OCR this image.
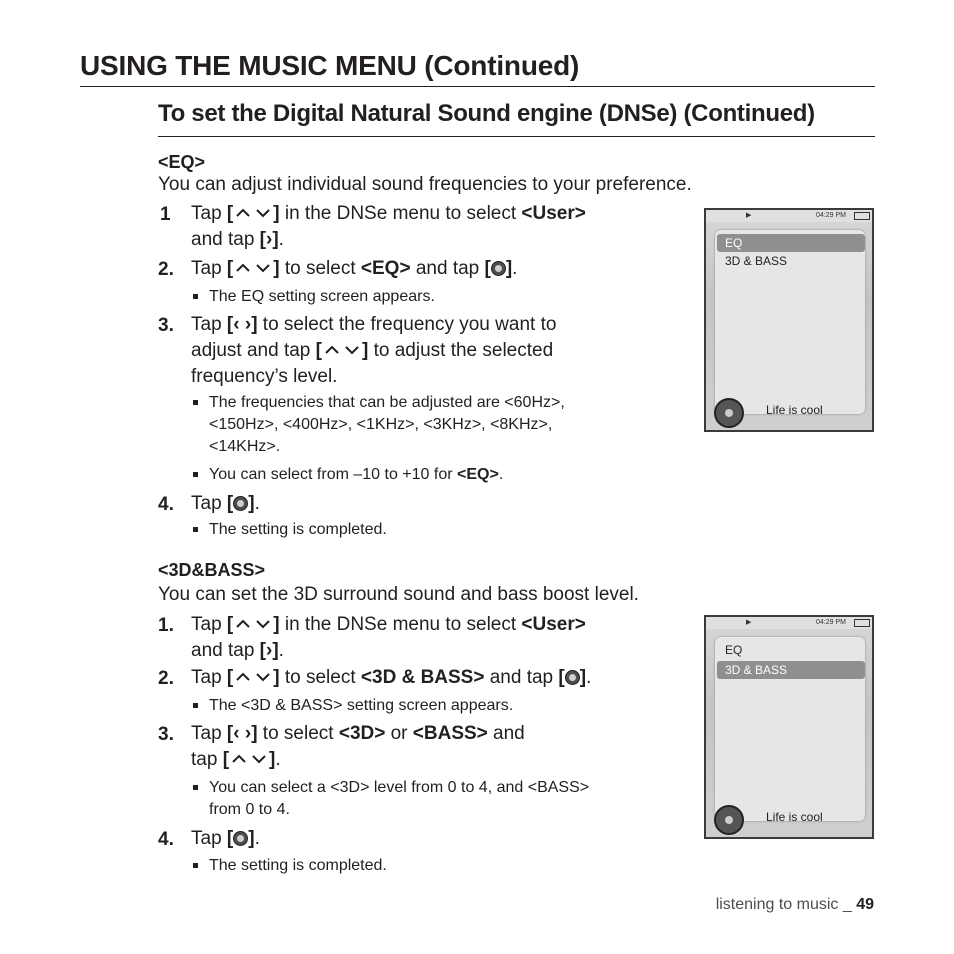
USING THE MUSIC MENU (Continued)
To set the Digital Natural Sound engine (DNSe) (Continued)
<EQ>
You can adjust individual sound frequencies to your preference.
1 Tap [ ] in the DNSe menu to select <User>
and tap [›].
2. Tap [ ] to select <EQ> and tap [ ].
The EQ setting screen appears.
3. Tap [‹ ›] to select the frequency you want to
adjust and tap [ ] to adjust the selected
frequency’s level.
The frequencies that can be adjusted are <60Hz>,
<150Hz>, <400Hz>, <1KHz>, <3KHz>, <8KHz>,
<14KHz>.
You can select from –10 to +10 for <EQ>.
4. Tap [ ].
The setting is completed.
▶	04:29 PM
EQ
3D & BASS
Life is cool
<3D&BASS>
You can set the 3D surround sound and bass boost level.
1. Tap [ ] in the DNSe menu to select <User>
and tap [›].
2. Tap [ ] to select <3D & BASS> and tap [ ].
The <3D & BASS> setting screen appears.
3. Tap [‹ ›] to select <3D> or <BASS> and
tap [ ].
You can select a <3D> level from 0 to 4, and <BASS>
from 0 to 4.
4. Tap [ ].
The setting is completed.
▶	04:29 PM
EQ
3D & BASS
Life is cool
listening to music _ 49
